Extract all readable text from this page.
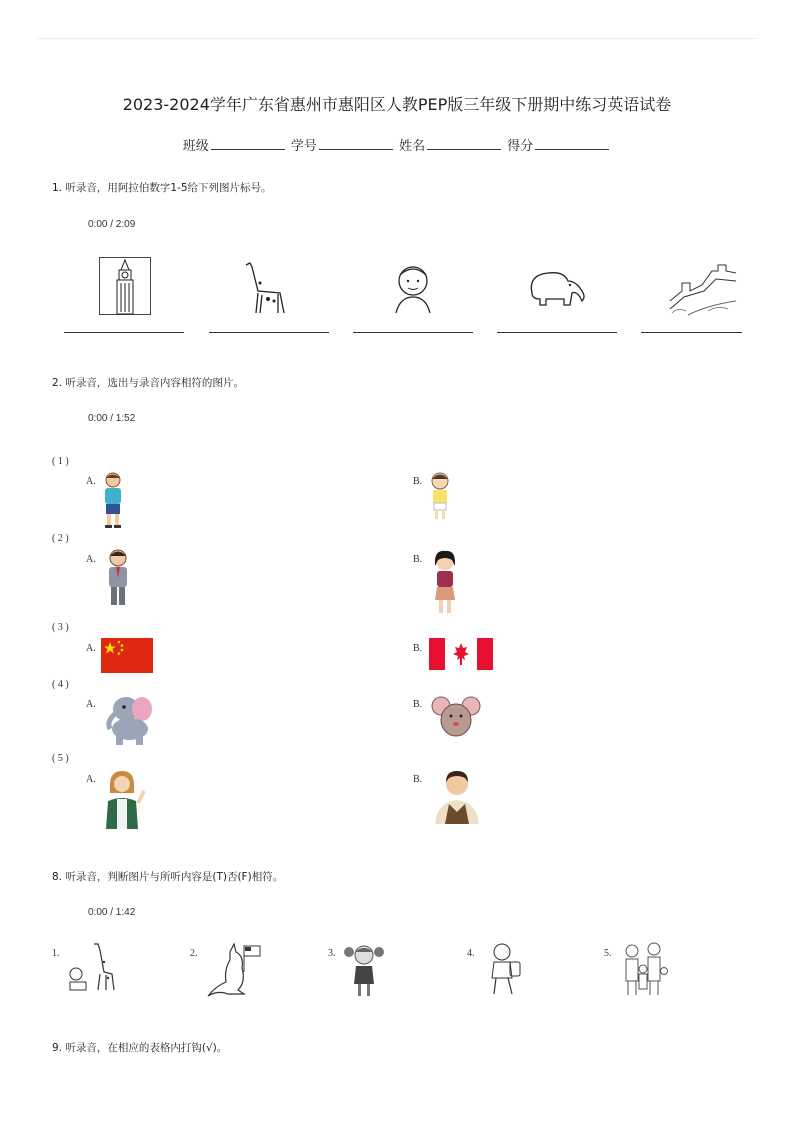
2023-2024学年广东省惠州市惠阳区人教PEP版三年级下册期中练习英语试卷
班级	学号	姓名	得分
1. 听录音，用阿拉伯数字1-5给下列图片标号。
0:00 / 2:09
2. 听录音，选出与录音内容相符的图片。
0:00 / 1:52
( 1 )
A.	B.
( 2 )
A.	B.
( 3 )
A.	B.
( 4 )
A.	B.
( 5 )
A.	B.
8. 听录音，判断图片与所听内容是(T)否(F)相符。
0:00 / 1:42
1.	2.	3.	4.	5.
9. 听录音，在相应的表格内打钩(√)。
